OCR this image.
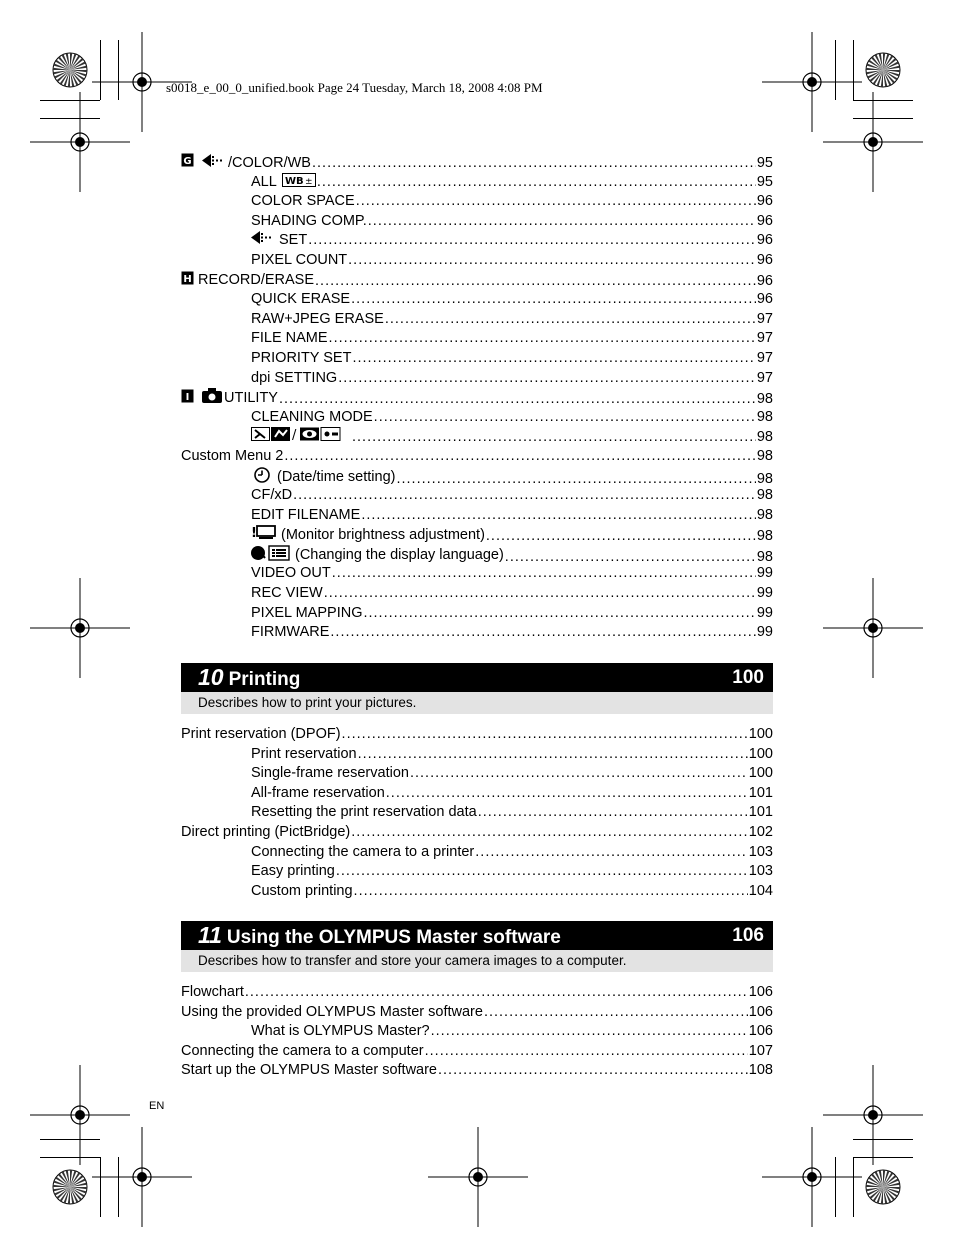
s0018_e_00_0_unified.book Page 24 Tuesday, March 18, 2008 4:08 PM
G	/COLOR/WB .....	95
ALL WB ± .....	95
COLOR SPACE .....	96
SHADING COMP. .....	96
SET .....	96
PIXEL COUNT .....	96
H RECORD/ERASE .....	96
QUICK ERASE .....	96
RAW+JPEG ERASE .....	97
FILE NAME .....	97
PRIORITY SET .....	97
dpi SETTING .....	97
I UTILITY .....	98
CLEANING MODE .....	98
/ .....	98
Custom Menu 2 .....	98
(Date/time setting) .....	98
CF/xD .....	98
EDIT FILENAME .....	98
! (Monitor brightness adjustment) .....	98
(Changing the display language) .....	98
VIDEO OUT .....	99
REC VIEW .....	99
PIXEL MAPPING .....	99
FIRMWARE .....	99
10 Printing	100
Describes how to print your pictures.
Print reservation (DPOF) .....	100
Print reservation .....	100
Single-frame reservation .....	100
All-frame reservation .....	101
Resetting the print reservation data .....	101
Direct printing (PictBridge) .....	102
Connecting the camera to a printer .....	103
Easy printing .....	103
Custom printing .....	104
11 Using the OLYMPUS Master software	106
Describes how to transfer and store your camera images to a computer.
Flowchart .....	106
Using the provided OLYMPUS Master software .....	106
What is OLYMPUS Master? .....	106
Connecting the camera to a computer .....	107
Start up the OLYMPUS Master software .....	108
EN
